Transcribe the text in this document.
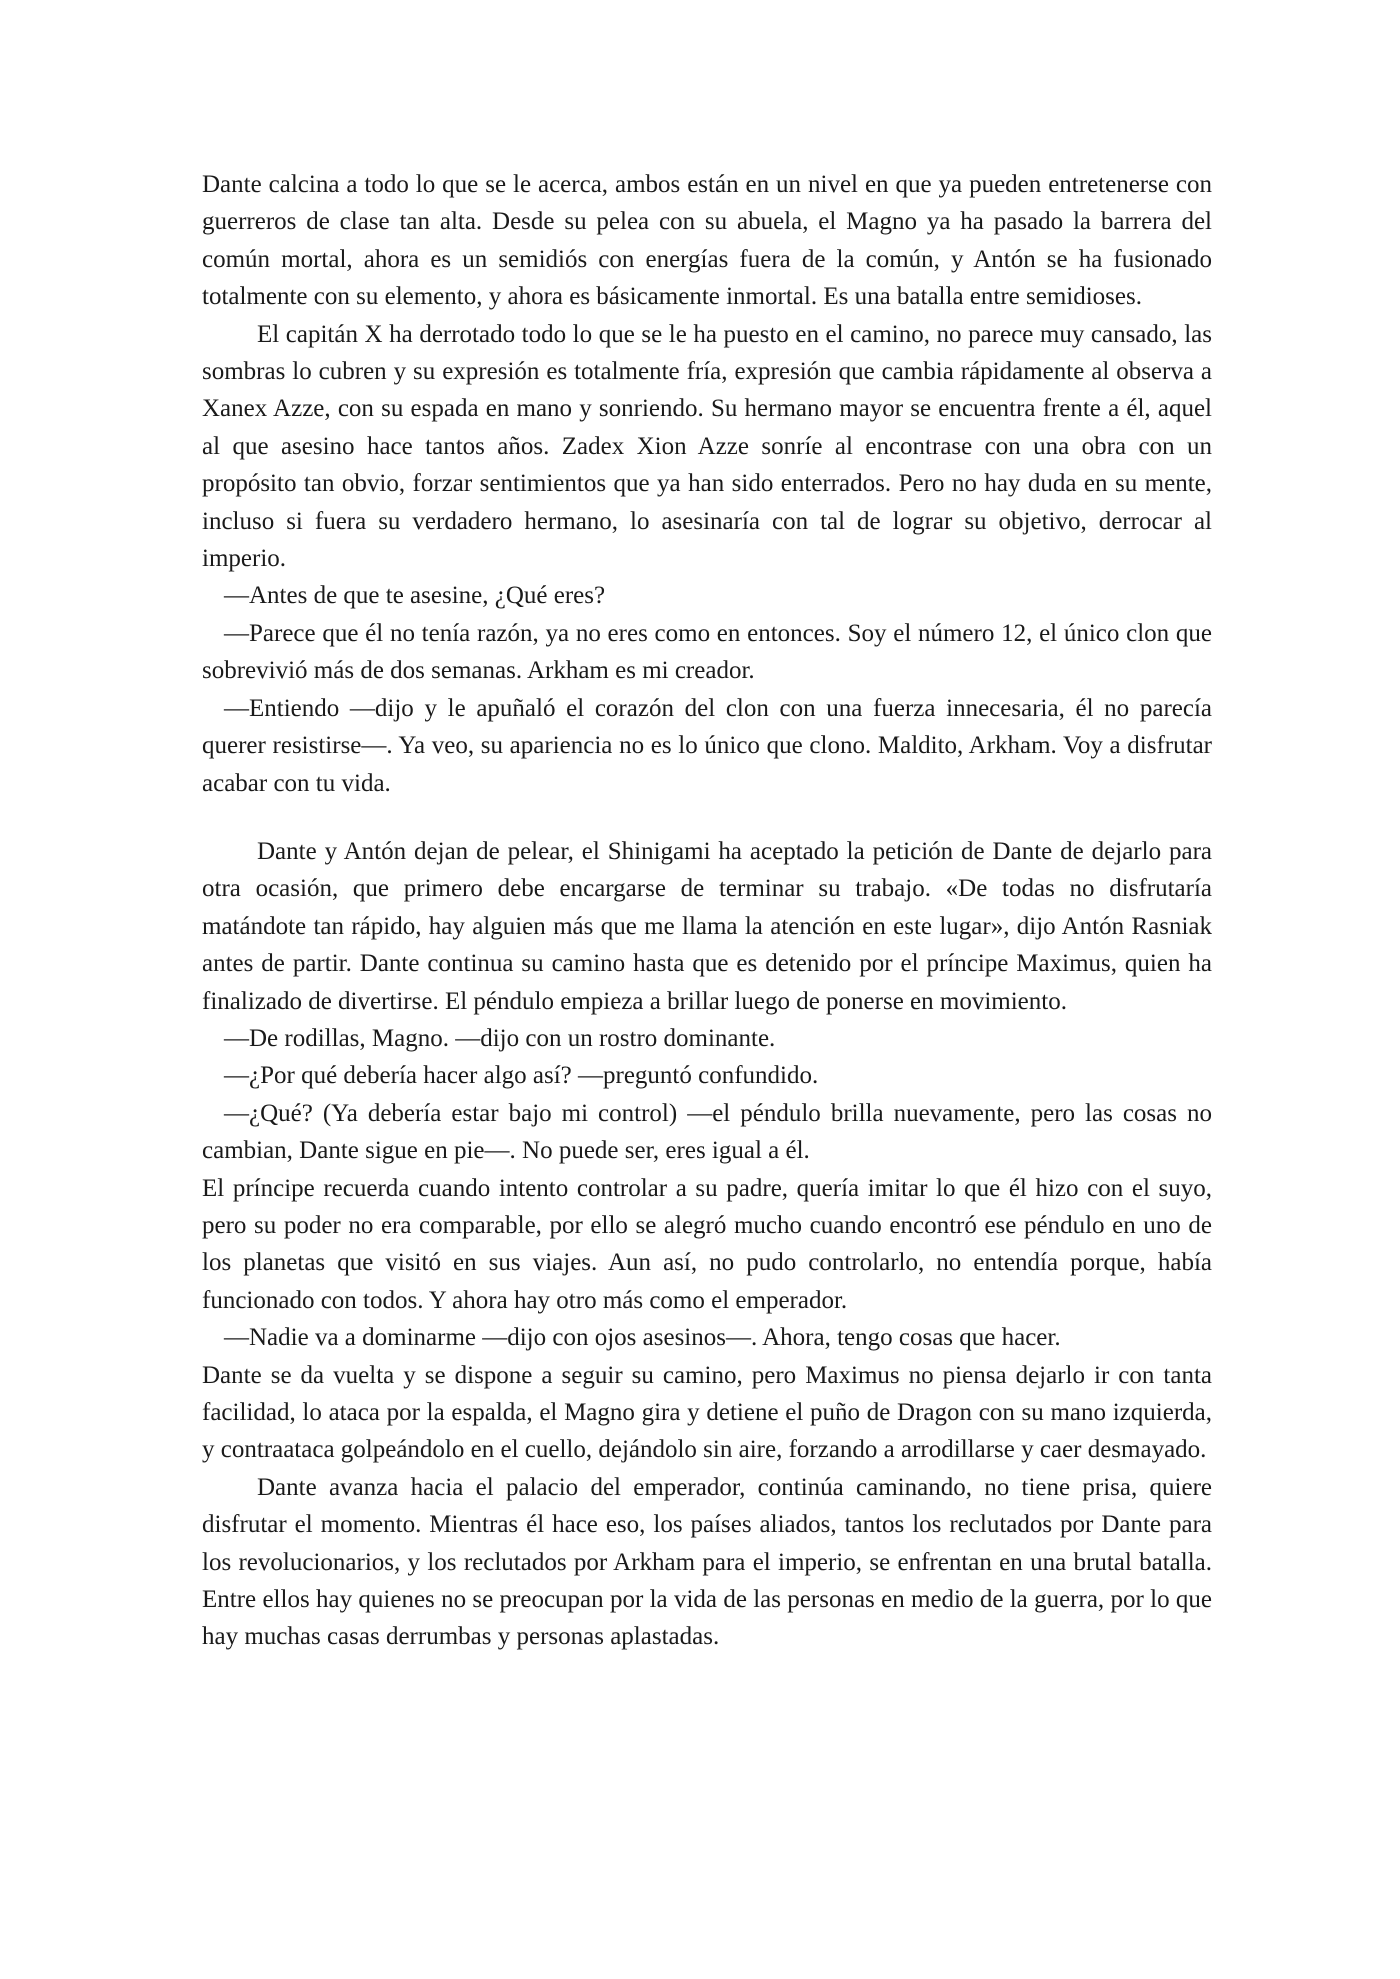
Dante calcina a todo lo que se le acerca, ambos están en un nivel en que ya pueden entretenerse con guerreros de clase tan alta. Desde su pelea con su abuela, el Magno ya ha pasado la barrera del común mortal, ahora es un semidiós con energías fuera de la común, y Antón se ha fusionado totalmente con su elemento, y ahora es básicamente inmortal. Es una batalla entre semidioses.

El capitán X ha derrotado todo lo que se le ha puesto en el camino, no parece muy cansado, las sombras lo cubren y su expresión es totalmente fría, expresión que cambia rápidamente al observa a Xanex Azze, con su espada en mano y sonriendo. Su hermano mayor se encuentra frente a él, aquel al que asesino hace tantos años. Zadex Xion Azze sonríe al encontrase con una obra con un propósito tan obvio, forzar sentimientos que ya han sido enterrados. Pero no hay duda en su mente, incluso si fuera su verdadero hermano, lo asesinaría con tal de lograr su objetivo, derrocar al imperio.

—Antes de que te asesine, ¿Qué eres?

—Parece que él no tenía razón, ya no eres como en entonces. Soy el número 12, el único clon que sobrevivió más de dos semanas. Arkham es mi creador.

—Entiendo —dijo y le apuñaló el corazón del clon con una fuerza innecesaria, él no parecía querer resistirse—. Ya veo, su apariencia no es lo único que clono. Maldito, Arkham. Voy a disfrutar acabar con tu vida.

Dante y Antón dejan de pelear, el Shinigami ha aceptado la petición de Dante de dejarlo para otra ocasión, que primero debe encargarse de terminar su trabajo. «De todas no disfrutaría matándote tan rápido, hay alguien más que me llama la atención en este lugar», dijo Antón Rasniak antes de partir. Dante continua su camino hasta que es detenido por el príncipe Maximus, quien ha finalizado de divertirse. El péndulo empieza a brillar luego de ponerse en movimiento.

—De rodillas, Magno. —dijo con un rostro dominante.

—¿Por qué debería hacer algo así? —preguntó confundido.

—¿Qué? (Ya debería estar bajo mi control) —el péndulo brilla nuevamente, pero las cosas no cambian, Dante sigue en pie—. No puede ser, eres igual a él.

El príncipe recuerda cuando intento controlar a su padre, quería imitar lo que él hizo con el suyo, pero su poder no era comparable, por ello se alegró mucho cuando encontró ese péndulo en uno de los planetas que visitó en sus viajes. Aun así, no pudo controlarlo, no entendía porque, había funcionado con todos. Y ahora hay otro más como el emperador.

—Nadie va a dominarme —dijo con ojos asesinos—. Ahora, tengo cosas que hacer.

Dante se da vuelta y se dispone a seguir su camino, pero Maximus no piensa dejarlo ir con tanta facilidad, lo ataca por la espalda, el Magno gira y detiene el puño de Dragon con su mano izquierda, y contraataca golpeándolo en el cuello, dejándolo sin aire, forzando a arrodillarse y caer desmayado.

Dante avanza hacia el palacio del emperador, continúa caminando, no tiene prisa, quiere disfrutar el momento. Mientras él hace eso, los países aliados, tantos los reclutados por Dante para los revolucionarios, y los reclutados por Arkham para el imperio, se enfrentan en una brutal batalla. Entre ellos hay quienes no se preocupan por la vida de las personas en medio de la guerra, por lo que hay muchas casas derrumbas y personas aplastadas.
